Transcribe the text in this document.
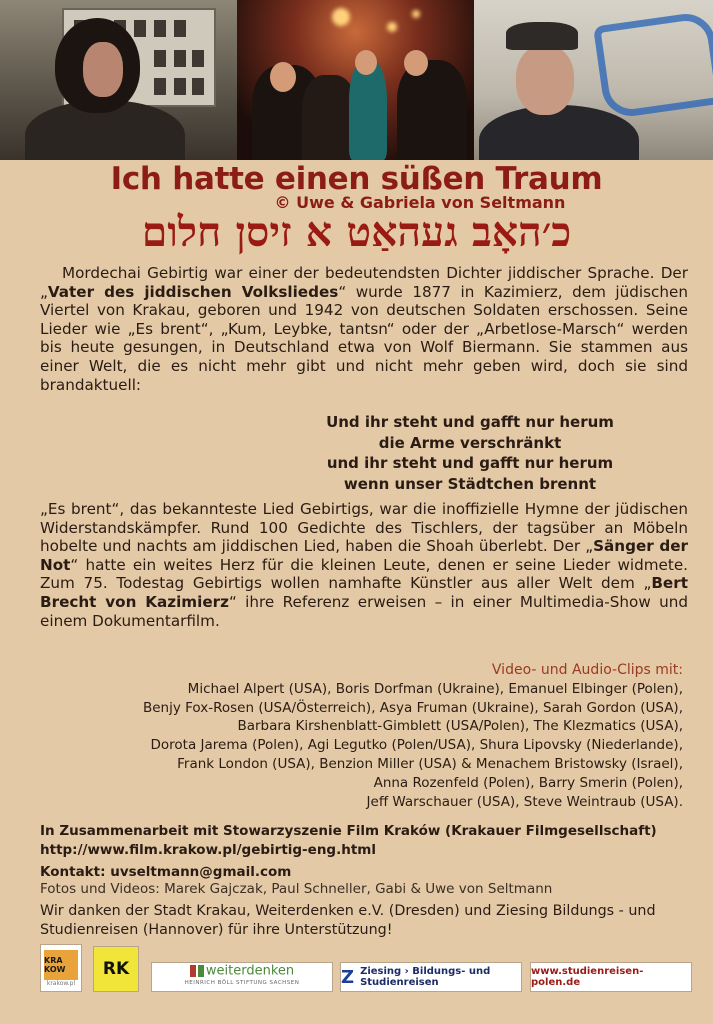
Ich hatte einen süßen Traum
© Uwe & Gabriela von Seltmann
כ׳האָב געהאַט א זיסן חלום
Mordechai Gebirtig war einer der bedeutendsten Dichter jiddischer Sprache. Der „Vater des jiddischen Volksliedes“ wurde 1877 in Kazimierz, dem jüdischen Viertel von Krakau, geboren und 1942 von deutschen Soldaten erschossen. Seine Lieder wie „Es brent“, „Kum, Leybke, tantsn“ oder der „Arbetlose-Marsch“ werden bis heute gesungen, in Deutschland etwa von Wolf Biermann. Sie stammen aus einer Welt, die es nicht mehr gibt und nicht mehr geben wird, doch sie sind brandaktuell:
Und ihr steht und gafft nur herum
die Arme verschränkt
und ihr steht und gafft nur herum
wenn unser Städtchen brennt
„Es brent“, das bekannteste Lied Gebirtigs, war die inoffizielle Hymne der jüdischen Widerstandskämpfer. Rund 100 Gedichte des Tischlers, der tagsüber an Möbeln hobelte und nachts am jiddischen Lied, haben die Shoah überlebt. Der „Sänger der Not“ hatte ein weites Herz für die kleinen Leute, denen er seine Lieder widmete. Zum 75. Todestag Gebirtigs wollen namhafte Künstler aus aller Welt dem „Bert Brecht von Kazimierz“ ihre Referenz erweisen – in einer Multimedia-Show und einem Dokumentarfilm.
Video- und Audio-Clips mit:
Michael Alpert (USA), Boris Dorfman (Ukraine), Emanuel Elbinger (Polen),
Benjy Fox-Rosen (USA/Österreich), Asya Fruman (Ukraine), Sarah Gordon (USA),
Barbara Kirshenblatt-Gimblett (USA/Polen), The Klezmatics (USA),
Dorota Jarema (Polen), Agi Legutko (Polen/USA), Shura Lipovsky (Niederlande),
Frank London (USA), Benzion Miller (USA) & Menachem Bristowsky (Israel),
Anna Rozenfeld (Polen), Barry Smerin (Polen),
Jeff Warschauer (USA), Steve Weintraub (USA).
In Zusammenarbeit mit Stowarzyszenie Film Kraków (Krakauer Filmgesellschaft)
http://www.film.krakow.pl/gebirtig-eng.html
Kontakt: uvseltmann@gmail.com
Fotos und Videos: Marek Gajczak, Paul Schneller, Gabi & Uwe von Seltmann
Wir danken der Stadt Krakau, Weiterdenken e.V. (Dresden) und Ziesing Bildungs - und Studienreisen (Hannover) für ihre Unterstützung!
KRA KOW
krakow.pl
RK	weiterdenken
HEINRICH BÖLL STIFTUNG SACHSEN Z Ziesing › Bildungs- und Studienreisen
www.studienreisen-polen.de
